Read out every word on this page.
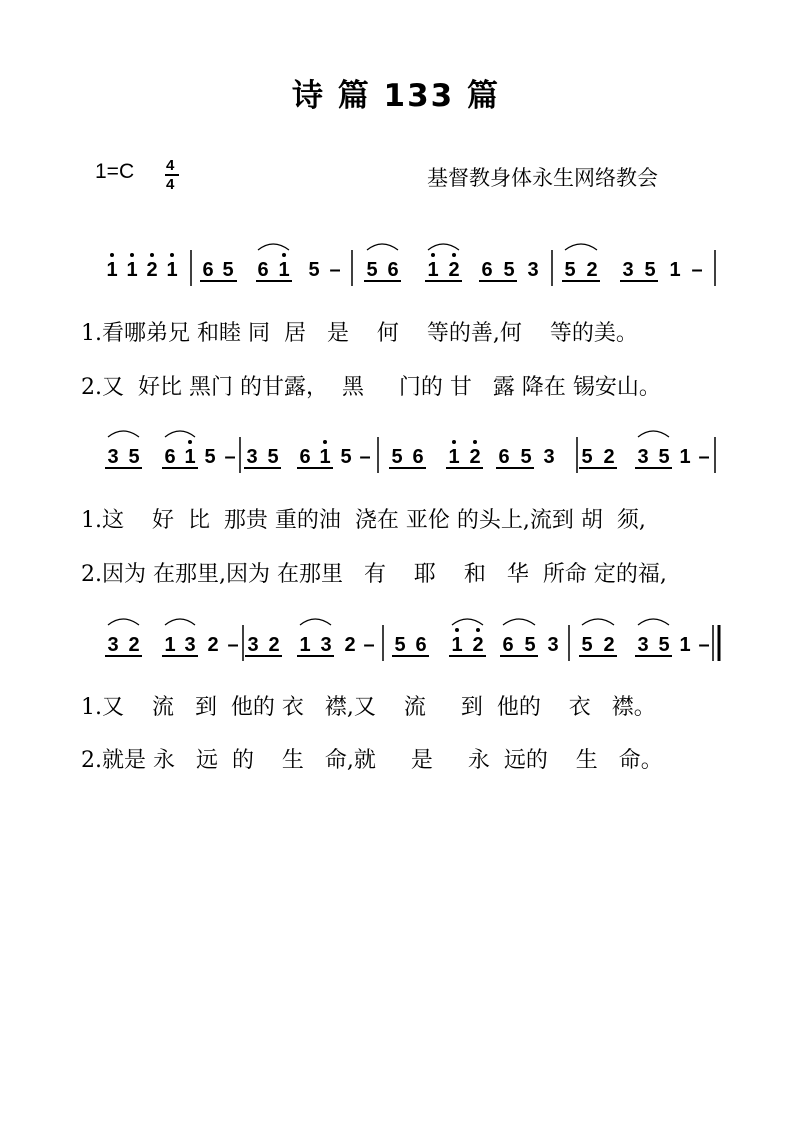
诗 篇 133 篇
1=C 4
4	基督教身体永生网络教会
1 1 2 1 6 5 6 1 5 – 5 6 1 2 6 5 3 5 2 3 5 1 –
3 5 6 1 5 – 3 5 6 1 5 – 5 6 1 2 6 5 3 5 2 3 5 1 –
3 2 1 3 2 – 3 2 1 3 2 – 5 6 1 2 6 5 3 5 2 3 5 1 –
1.看哪弟兄 和睦 同  居   是    何    等的善,何    等的美。
2.又  好比 黑门 的甘露，  黑     门的 甘   露 降在 锡安山。
1.这    好  比  那贵 重的油  浇在 亚伦 的头上,流到 胡  须,
2.因为 在那里,因为 在那里   有    耶    和   华  所命 定的福,
1.又    流   到  他的 衣   襟,又    流     到  他的    衣   襟。
2.就是 永   远  的    生   命,就     是     永  远的    生   命。
